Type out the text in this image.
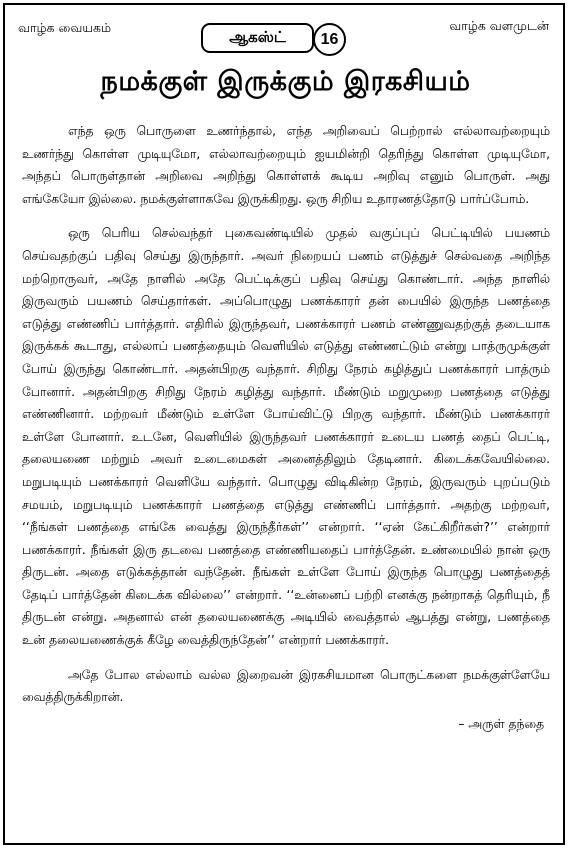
வாழ்க வையகம்	வாழ்க வளமுடன்
ஆகஸ்ட்	16
நமக்குள் இருக்கும் இரகசியம்

எந்த ஒரு பொருளை உணர்ந்தால், எந்த அறிவைப் பெற்றால் எல்லாவற்றையும் உணர்ந்து கொள்ள முடியுமோ, எல்லாவற்றையும் ஐயமின்றி தெரிந்து கொள்ள முடியுமோ, அந்தப் பொருள்தான் அறிவை அறிந்து கொள்ளக் கூடிய அறிவு எனும் பொருள். அது எங்கேயோ இல்லை. நமக்குள்ளாகவே இருக்கிறது. ஒரு சிறிய உதாரணத்தோடு பார்ப்போம்.

ஒரு பெரிய செல்வந்தர் புகைவண்டியில் முதல் வகுப்புப் பெட்டியில் பயணம் செய்வதற்குப் பதிவு செய்து இருந்தார். அவர் நிறையப் பணம் எடுத்துச் செல்வதை அறிந்த மற்றொருவர், அதே நாளில் அதே பெட்டிக்குப் பதிவு செய்து கொண்டார். அந்த நாளில் இருவரும் பயணம் செய்தார்கள். அப்பொழுது பணக்காரர் தன் பையில் இருந்த பணத்தை எடுத்து எண்ணிப் பார்த்தார். எதிரில் இருந்தவர், பணக்காரர் பணம் எண்ணுவதற்குத் தடையாக இருக்கக் கூடாது, எல்லாப் பணத்தையும் வெளியில் எடுத்து எண்ணட்டும் என்று பாத்ருமுக்குள் போய் இருந்து கொண்டார். அதன்பிறகு வந்தார். சிறிது நேரம் கழித்துப் பணக்காரர் பாத்ரும் போனார். அதன்பிறகு சிறிது நேரம் கழித்து வந்தார். மீண்டும் மறுமுறை பணத்தை எடுத்து எண்ணினார். மற்றவர் மீண்டும் உள்ளே போய்விட்டு பிறகு வந்தார். மீண்டும் பணக்காரர் உள்ளே போனார். உடனே, வெளியில் இருந்தவர் பணக்காரர் உடைய பணத் தைப் பெட்டி, தலையணை மற்றும் அவர் உடைமைகள் அனைத்திலும் தேடினார். கிடைக்கவேயில்லை. மறுபடியும் பணக்காரர் வெளியே வந்தார். பொழுது விடிகின்ற நேரம், இருவரும் புறப்படும் சமயம், மறுபடியும் பணக்காரர் பணத்தை எடுத்து எண்ணிப் பார்த்தார். அதற்கு மற்றவர், ‘‘நீங்கள் பணத்தை எங்கே வைத்து இருந்தீர்கள்’’ என்றார். ‘‘ஏன் கேட்கிறீர்கள்?’’ என்றார் பணக்காரர். நீங்கள் இரு தடவை பணத்தை எண்ணியதைப் பார்த்தேன். உண்மையில் நான் ஒரு திருடன். அதை எடுக்கத்தான் வந்தேன். நீங்கள் உள்ளே போய் இருந்த பொழுது பணத்தைத் தேடிப் பார்த்தேன் கிடைக்க வில்லை’’ என்றார். ‘‘உன்னைப் பற்றி எனக்கு நன்றாகத் தெரியும், நீ திருடன் என்று. அதனால் என் தலையணைக்கு அடியில் வைத்தால் ஆபத்து என்று, பணத்தை உன் தலையணைக்குக் கீழே வைத்திருந்தேன்’’ என்றார் பணக்காரர்.

அதே போல எல்லாம் வல்ல இறைவன் இரகசியமான பொருட்களை நமக்குள்ளேயே வைத்திருக்கிறான்.

– அருள் தந்தை
